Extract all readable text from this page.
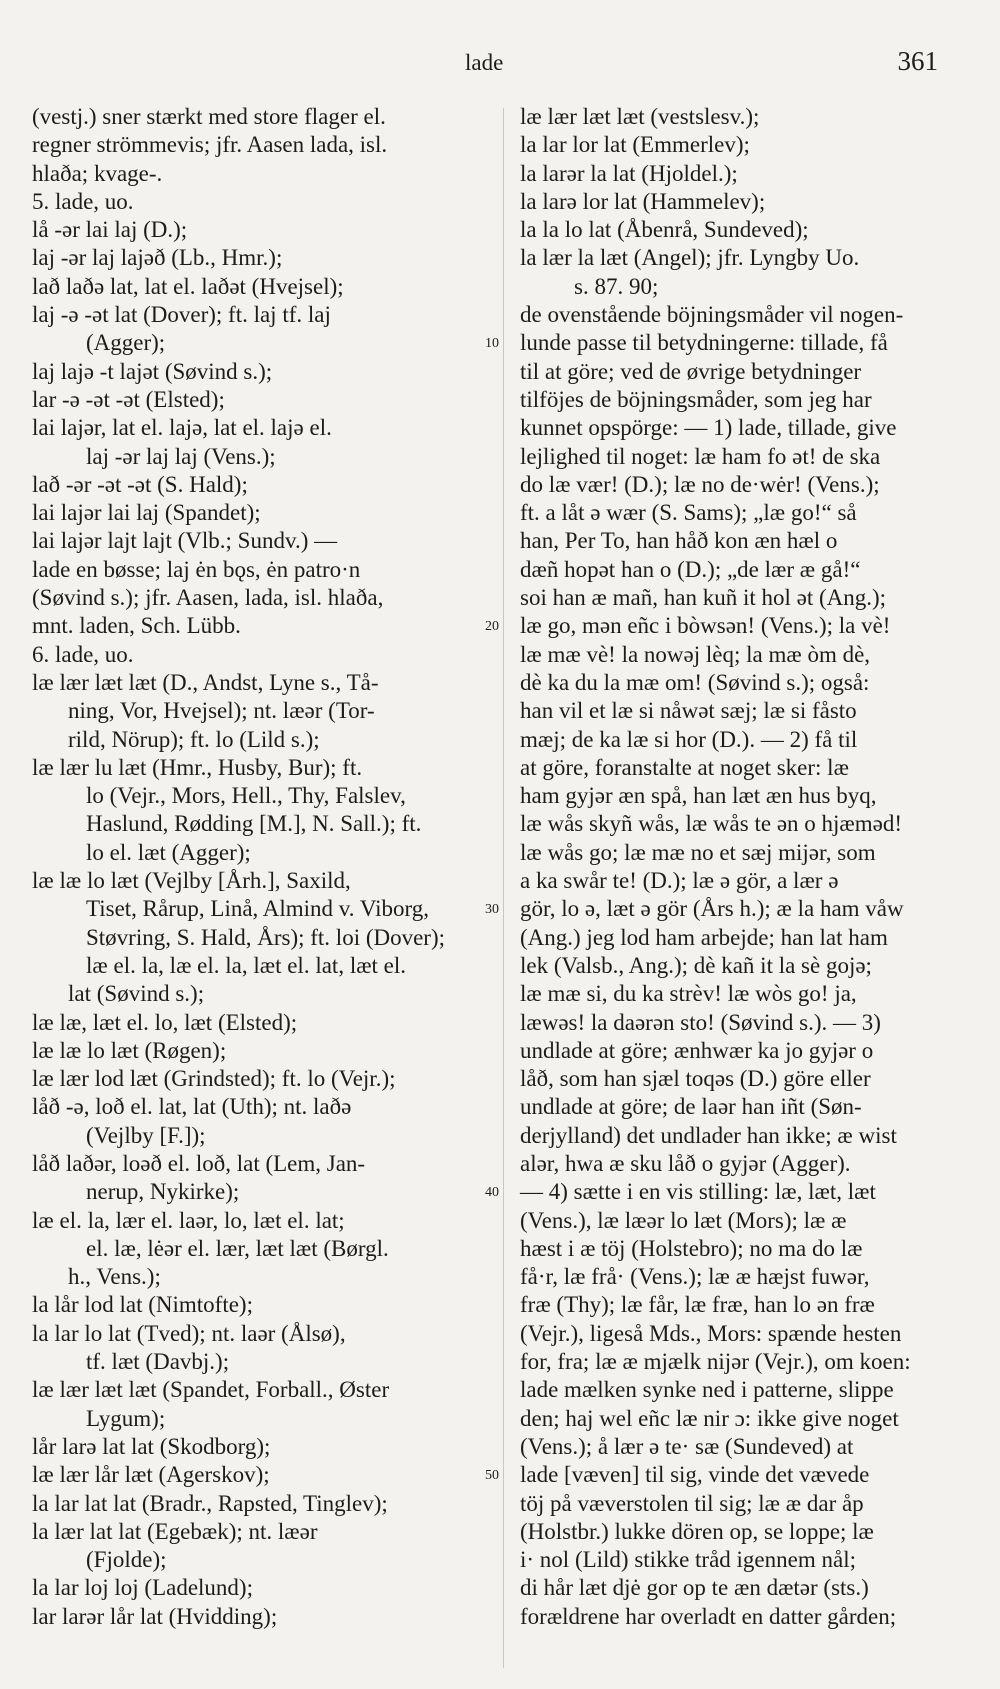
lade	361
10
20
30
40
50
(vestj.) sner stærkt med store flager el.
regner strömmevis; jfr. Aasen lada, isl.
hlaða; kvage-.
5. lade, uo.
lå -ər lai laj (D.);
laj -ər laj lajəð (Lb., Hmr.);
lað laðə lat, lat el. laðət (Hvejsel);
laj -ə -ət lat (Dover); ft. laj tf. laj
(Agger);
laj lajə -t lajət (Søvind s.);
lar -ə -ət -ət (Elsted);
lai lajər, lat el. lajə, lat el. lajə el.
laj -ər laj laj (Vens.);
lað -ər -ət -ət (S. Hald);
lai lajər lai laj (Spandet);
lai lajər lajt lajt (Vlb.; Sundv.) —
lade en bøsse; laj ėn bǫs, ėn patro·n
(Søvind s.); jfr. Aasen, lada, isl. hlaða,
mnt. laden, Sch. Lübb.
6. lade, uo.
læ lær læt læt (D., Andst, Lyne s., Tå-
ning, Vor, Hvejsel); nt. læər (Tor-
rild, Nörup); ft. lo (Lild s.);
læ lær lu læt (Hmr., Husby, Bur); ft.
lo (Vejr., Mors, Hell., Thy, Falslev,
Haslund, Rødding [M.], N. Sall.); ft.
lo el. læt (Agger);
læ læ lo læt (Vejlby [Årh.], Saxild,
Tiset, Rårup, Linå, Almind v. Viborg,
Støvring, S. Hald, Års); ft. loi (Dover);
læ el. la, læ el. la, læt el. lat, læt el.
lat (Søvind s.);
læ læ, læt el. lo, læt (Elsted);
læ læ lo læt (Røgen);
læ lær lod læt (Grindsted); ft. lo (Vejr.);
låð -ə, loð el. lat, lat (Uth); nt. laðə
(Vejlby [F.]);
låð laðər, loəð el. loð, lat (Lem, Jan-
nerup, Nykirke);
læ el. la, lær el. laər, lo, læt el. lat;
el. læ, lėər el. lær, læt læt (Børgl.
h., Vens.);
la lår lod lat (Nimtofte);
la lar lo lat (Tved); nt. laər (Ålsø),
tf. læt (Davbj.);
læ lær læt læt (Spandet, Forball., Øster
Lygum);
lår larə lat lat (Skodborg);
læ lær lår læt (Agerskov);
la lar lat lat (Bradr., Rapsted, Tinglev);
la lær lat lat (Egebæk); nt. læər
(Fjolde);
la lar loj loj (Ladelund);
lar larər lår lat (Hvidding);
læ lær læt læt (vestslesv.);
la lar lor lat (Emmerlev);
la larər la lat (Hjoldel.);
la larə lor lat (Hammelev);
la la lo lat (Åbenrå, Sundeved);
la lær la læt (Angel); jfr. Lyngby Uo.
s. 87. 90;
de ovenstående böjningsmåder vil nogen-
lunde passe til betydningerne: tillade, få
til at göre; ved de øvrige betydninger
tilföjes de böjningsmåder, som jeg har
kunnet opspörge: — 1) lade, tillade, give
lejlighed til noget: læ ham fo ət! de ska
do læ vær! (D.); læ no de·wėr! (Vens.);
ft. a låt ə wær (S. Sams); „læ go!“ så
han, Per To, han håð kon æn hæl o
dæñ hopət han o (D.); „de lær æ gå!“
soi han æ mañ, han kuñ it hol ət (Ang.);
læ go, mən eñc i bòwsən! (Vens.); la vè!
læ mæ vè! la nowəj lèq; la mæ òm dè,
dè ka du la mæ om! (Søvind s.); også:
han vil et læ si nåwət sæj; læ si fåsto
mæj; de ka læ si hor (D.). — 2) få til
at göre, foranstalte at noget sker: læ
ham gyjər æn spå, han læt æn hus byq,
læ wås skyñ wås, læ wås te ən o hjæməd!
læ wås go; læ mæ no et sæj mijər, som
a ka swår te! (D.); læ ə gör, a lær ə
gör, lo ə, læt ə gör (Års h.); æ la ham våw
(Ang.) jeg lod ham arbejde; han lat ham
lek (Valsb., Ang.); dè kañ it la sè gojə;
læ mæ si, du ka strèv! læ wòs go! ja,
læwəs! la daərən sto! (Søvind s.). — 3)
undlade at göre; ænhwær ka jo gyjər o
låð, som han sjæl toqəs (D.) göre eller
undlade at göre; de laər han iñt (Søn-
derjylland) det undlader han ikke; æ wist
alər, hwa æ sku låð o gyjər (Agger).
— 4) sætte i en vis stilling: læ, læt, læt
(Vens.), læ læər lo læt (Mors); læ æ
hæst i æ töj (Holstebro); no ma do læ
få·r, læ frå· (Vens.); læ æ hæjst fuwər,
fræ (Thy); læ får, læ fræ, han lo ən fræ
(Vejr.), ligeså Mds., Mors: spænde hesten
for, fra; læ æ mjælk nijər (Vejr.), om koen:
lade mælken synke ned i patterne, slippe
den; haj wel eñc læ nir ɔ: ikke give noget
(Vens.); å lær ə te· sæ (Sundeved) at
lade [væven] til sig, vinde det vævede
töj på væverstolen til sig; læ æ dar åp
(Holstbr.) lukke dören op, se loppe; læ
i· nol (Lild) stikke tråd igennem nål;
di hår læt djė gor op te æn dætər (sts.)
forældrene har overladt en datter gården;
